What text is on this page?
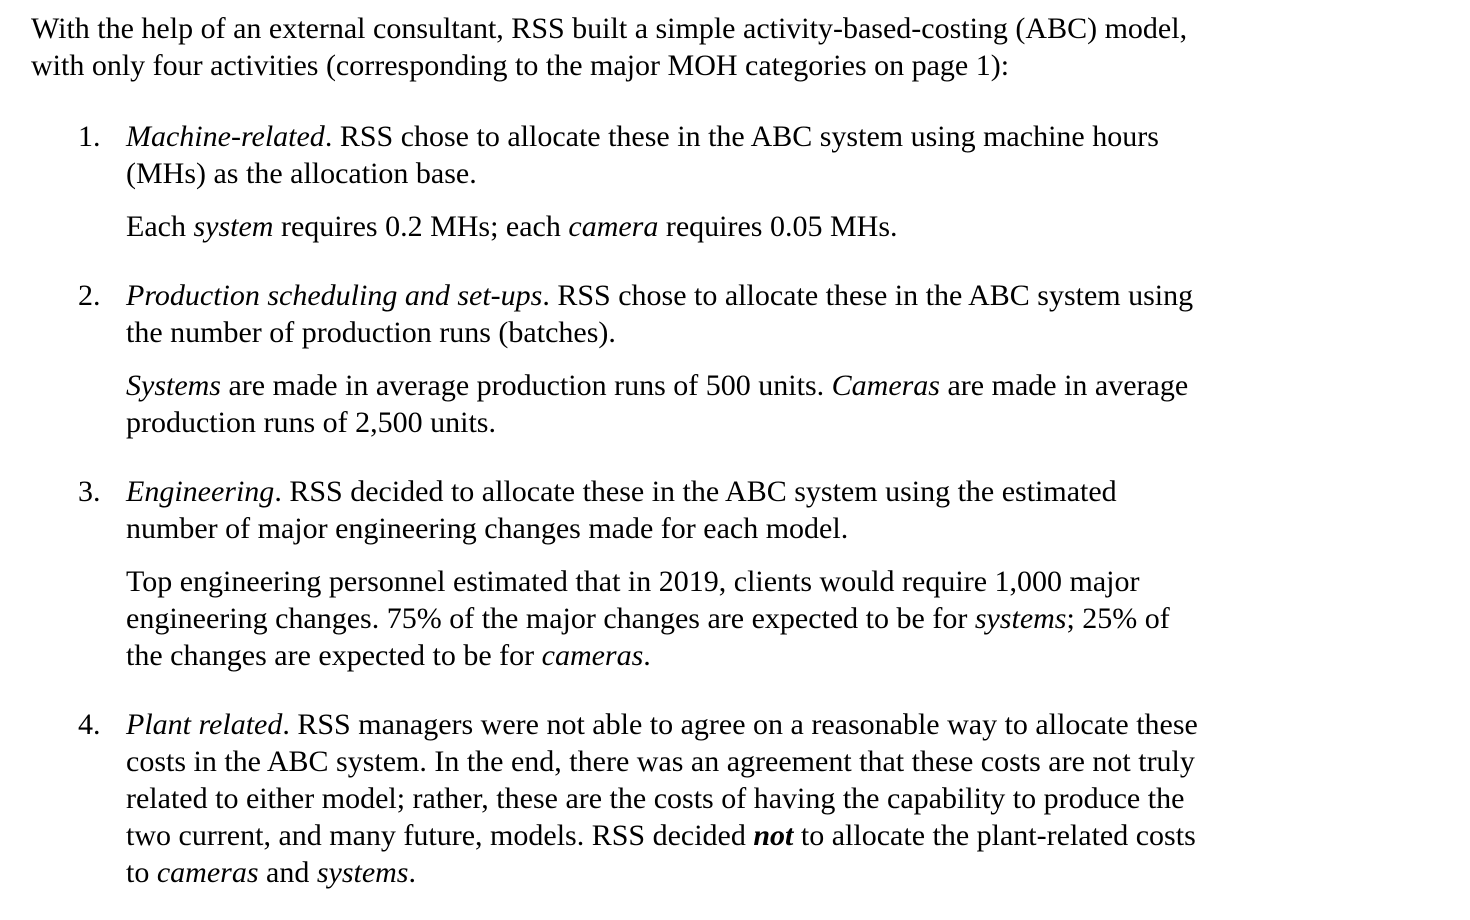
With the help of an external consultant, RSS built a simple activity-based-costing (ABC) model,
with only four activities (corresponding to the major MOH categories on page 1):

1. Machine-related. RSS chose to allocate these in the ABC system using machine hours
(MHs) as the allocation base.

Each system requires 0.2 MHs; each camera requires 0.05 MHs.

2. Production scheduling and set-ups. RSS chose to allocate these in the ABC system using
the number of production runs (batches).

Systems are made in average production runs of 500 units. Cameras are made in average
production runs of 2,500 units.

3. Engineering. RSS decided to allocate these in the ABC system using the estimated
number of major engineering changes made for each model.

Top engineering personnel estimated that in 2019, clients would require 1,000 major
engineering changes. 75% of the major changes are expected to be for systems; 25% of
the changes are expected to be for cameras.

4. Plant related. RSS managers were not able to agree on a reasonable way to allocate these
costs in the ABC system. In the end, there was an agreement that these costs are not truly
related to either model; rather, these are the costs of having the capability to produce the
two current, and many future, models. RSS decided not to allocate the plant-related costs
to cameras and systems.
